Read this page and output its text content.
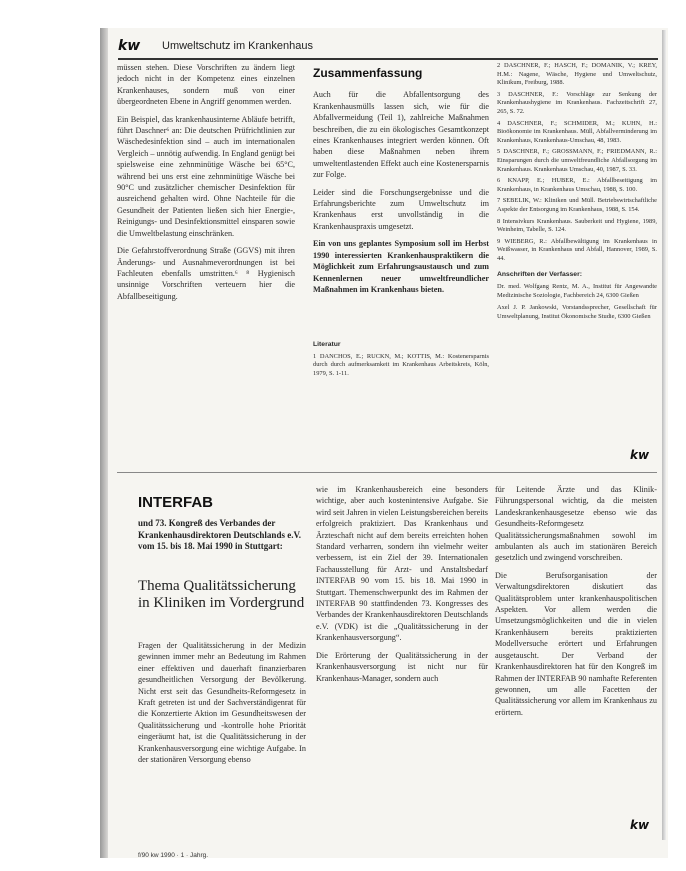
kw	Umweltschutz im Krankenhaus

müssen stehen. Diese Vorschriften zu ändern liegt jedoch nicht in der Kompetenz eines einzelnen Krankenhauses, sondern muß von einer übergeordneten Ebene in Angriff genommen werden.

Ein Beispiel, das krankenhausinterne Abläufe betrifft, führt Daschner⁶ an: Die deutschen Prüfrichtlinien zur Wäschedesinfektion sind – auch im internationalen Vergleich – unnötig aufwendig. In England genügt bei spielsweise eine zehnminütige Wäsche bei 65°C, während bei uns erst eine zehnminütige Wäsche bei 90°C und zusätzlicher chemischer Desinfektion für ausreichend gehalten wird. Ohne Nachteile für die Gesundheit der Patienten ließen sich hier Energie-, Reinigungs- und Desinfektionsmittel einsparen sowie die Umweltbelastung einschränken.

Die Gefahrstoffverordnung Straße (GGVS) mit ihren Änderungs- und Ausnahmeverordnungen ist bei Fachleuten ebenfalls umstritten.⁶ ⁸ Hygienisch unsinnige Vorschriften verteuern hier die Abfallbeseitigung.

Zusammenfassung

Auch für die Abfallentsorgung des Krankenhausmülls lassen sich, wie für die Abfallvermeidung (Teil 1), zahlreiche Maßnahmen beschreiben, die zu ein ökologisches Gesamtkonzept eines Krankenhauses integriert werden können. Oft haben diese Maßnahmen neben ihrem umweltentlastenden Effekt auch eine Kostenersparnis zur Folge.

Leider sind die Forschungsergebnisse und die Erfahrungsberichte zum Umweltschutz im Krankenhaus erst unvollständig in die Krankenhauspraxis umgesetzt.

Ein von uns geplantes Symposium soll im Herbst 1990 interessierten Krankenhauspraktikern die Möglichkeit zum Erfahrungsaustausch und zum Kennenlernen neuer umweltfreundlicher Maßnahmen im Krankenhaus bieten.

Literatur
1 DANCHOS, E.; RUCKN, M.; KOTTIS, M.: Kostenersparnis durch durch aufmerksamkeit im Krankenhaus Arbeitskreis, Köln, 1979, S. 1-11.
2 DASCHNER, F.; HASCH, F.; DOMANIK, V.; KREY, H.M.: Nagene, Wäsche, Hygiene und Umweltschutz, Klinikum, Freiburg, 1988.
3 DASCHNER, F.: Vorschläge zur Senkung der Krankenhaushygiene im Krankenhaus. Fachzeitschrift 27, 265, S. 72.
4 DASCHNER, F.; SCHMIDER, M.; KUHN, H.: Bioökonomie im Krankenhaus. Müll, Abfallverminderung im Krankenhaus, Krankenhaus-Umschau, 48, 1983.
5 DASCHNER, F.; GROSSMANN, F.; FRIEDMANN, R.: Einsparungen durch die umweltfreundliche Abfallsorgung im Krankenhaus. Krankenhaus Umschau, 40, 1987, S. 33.
6 KNAPP, E.; HUBER, E.: Abfallbeseitigung im Krankenhaus, in Krankenhaus Umschau, 1988, S. 100.
7 SEBELIK, W.: Kliniken und Müll. Betriebswirtschaftliche Aspekte der Entsorgung im Krankenhaus, 1988, S. 154.
8 Intensivkurs Krankenhaus. Sauberkeit und Hygiene, 1989, Weinheim, Tabelle, S. 124.
9 WIEBERG, R.: Abfallbewältigung im Krankenhaus in Weißwasser, in Krankenhaus und Abfall, Hannover, 1989, S. 44.
Anschriften der Verfasser:
Dr. med. Wolfgang Rentz, M. A., Institut für Angewandte Medizinische Soziologie, Fachbereich 24, 6300 Gießen
Axel J. P. Jankowski, Vorstandssprecher, Gesellschaft für Umweltplanung, Institut Ökonomische Studie, 6300 Gießen
kw
INTERFAB
und 73. Kongreß des Verbandes der Krankenhausdirektoren Deutschlands e.V. vom 15. bis 18. Mai 1990 in Stuttgart:
Thema Qualitätssicherung in Kliniken im Vordergrund

Fragen der Qualitätssicherung in der Medizin gewinnen immer mehr an Bedeutung im Rahmen einer effektiven und dauerhaft finanzierbaren gesundheitlichen Versorgung der Bevölkerung. Nicht erst seit das Gesundheits-Reformgesetz in Kraft getreten ist und der Sachverständigenrat für die Konzertierte Aktion im Gesundheitswesen der Qualitätssicherung und -kontrolle hohe Priorität eingeräumt hat, ist die Qualitätssicherung in der Krankenhausversorgung eine wichtige Aufgabe. In der stationären Versorgung ebenso

wie im Krankenhausbereich eine besonders wichtige, aber auch kostenintensive Aufgabe. Sie wird seit Jahren in vielen Leistungsbereichen bereits erfolgreich praktiziert. Das Krankenhaus und Ärzteschaft nicht auf dem bereits erreichten hohen Standard verharren, sondern ihn vielmehr weiter verbessern, ist ein Ziel der 39. Internationalen Fachausstellung für Arzt- und Anstaltsbedarf INTERFAB 90 vom 15. bis 18. Mai 1990 in Stuttgart. Themenschwerpunkt des im Rahmen der INTERFAB 90 stattfindenden 73. Kongresses des Verbandes der Krankenhausdirektoren Deutschlands e.V. (VDK) ist die „Qualitätssicherung in der Krankenhausversorgung“.

Die Erörterung der Qualitätssicherung in der Krankenhausversorgung ist nicht nur für Krankenhaus-Manager, sondern auch

für Leitende Ärzte und das Klinik-Führungspersonal wichtig, da die meisten Landeskrankenhausgesetze ebenso wie das Gesundheits-Reformgesetz Qualitätssicherungsmaßnahmen sowohl im ambulanten als auch im stationären Bereich gesetzlich und zwingend vorschreiben.

Die Berufsorganisation der Verwaltungsdirektoren diskutiert das Qualitätsproblem unter krankenhauspolitischen Aspekten. Vor allem werden die Umsetzungsmöglichkeiten und die in vielen Krankenhäusern bereits praktizierten Modellversuche erörtert und Erfahrungen ausgetauscht. Der Verband der Krankenhausdirektoren hat für den Kongreß im Rahmen der INTERFAB 90 namhafte Referenten gewonnen, um alle Facetten der Qualitätssicherung vor allem im Krankenhaus zu erörtern.

kw
f/90 kw 1990 · 1 · Jahrg.
